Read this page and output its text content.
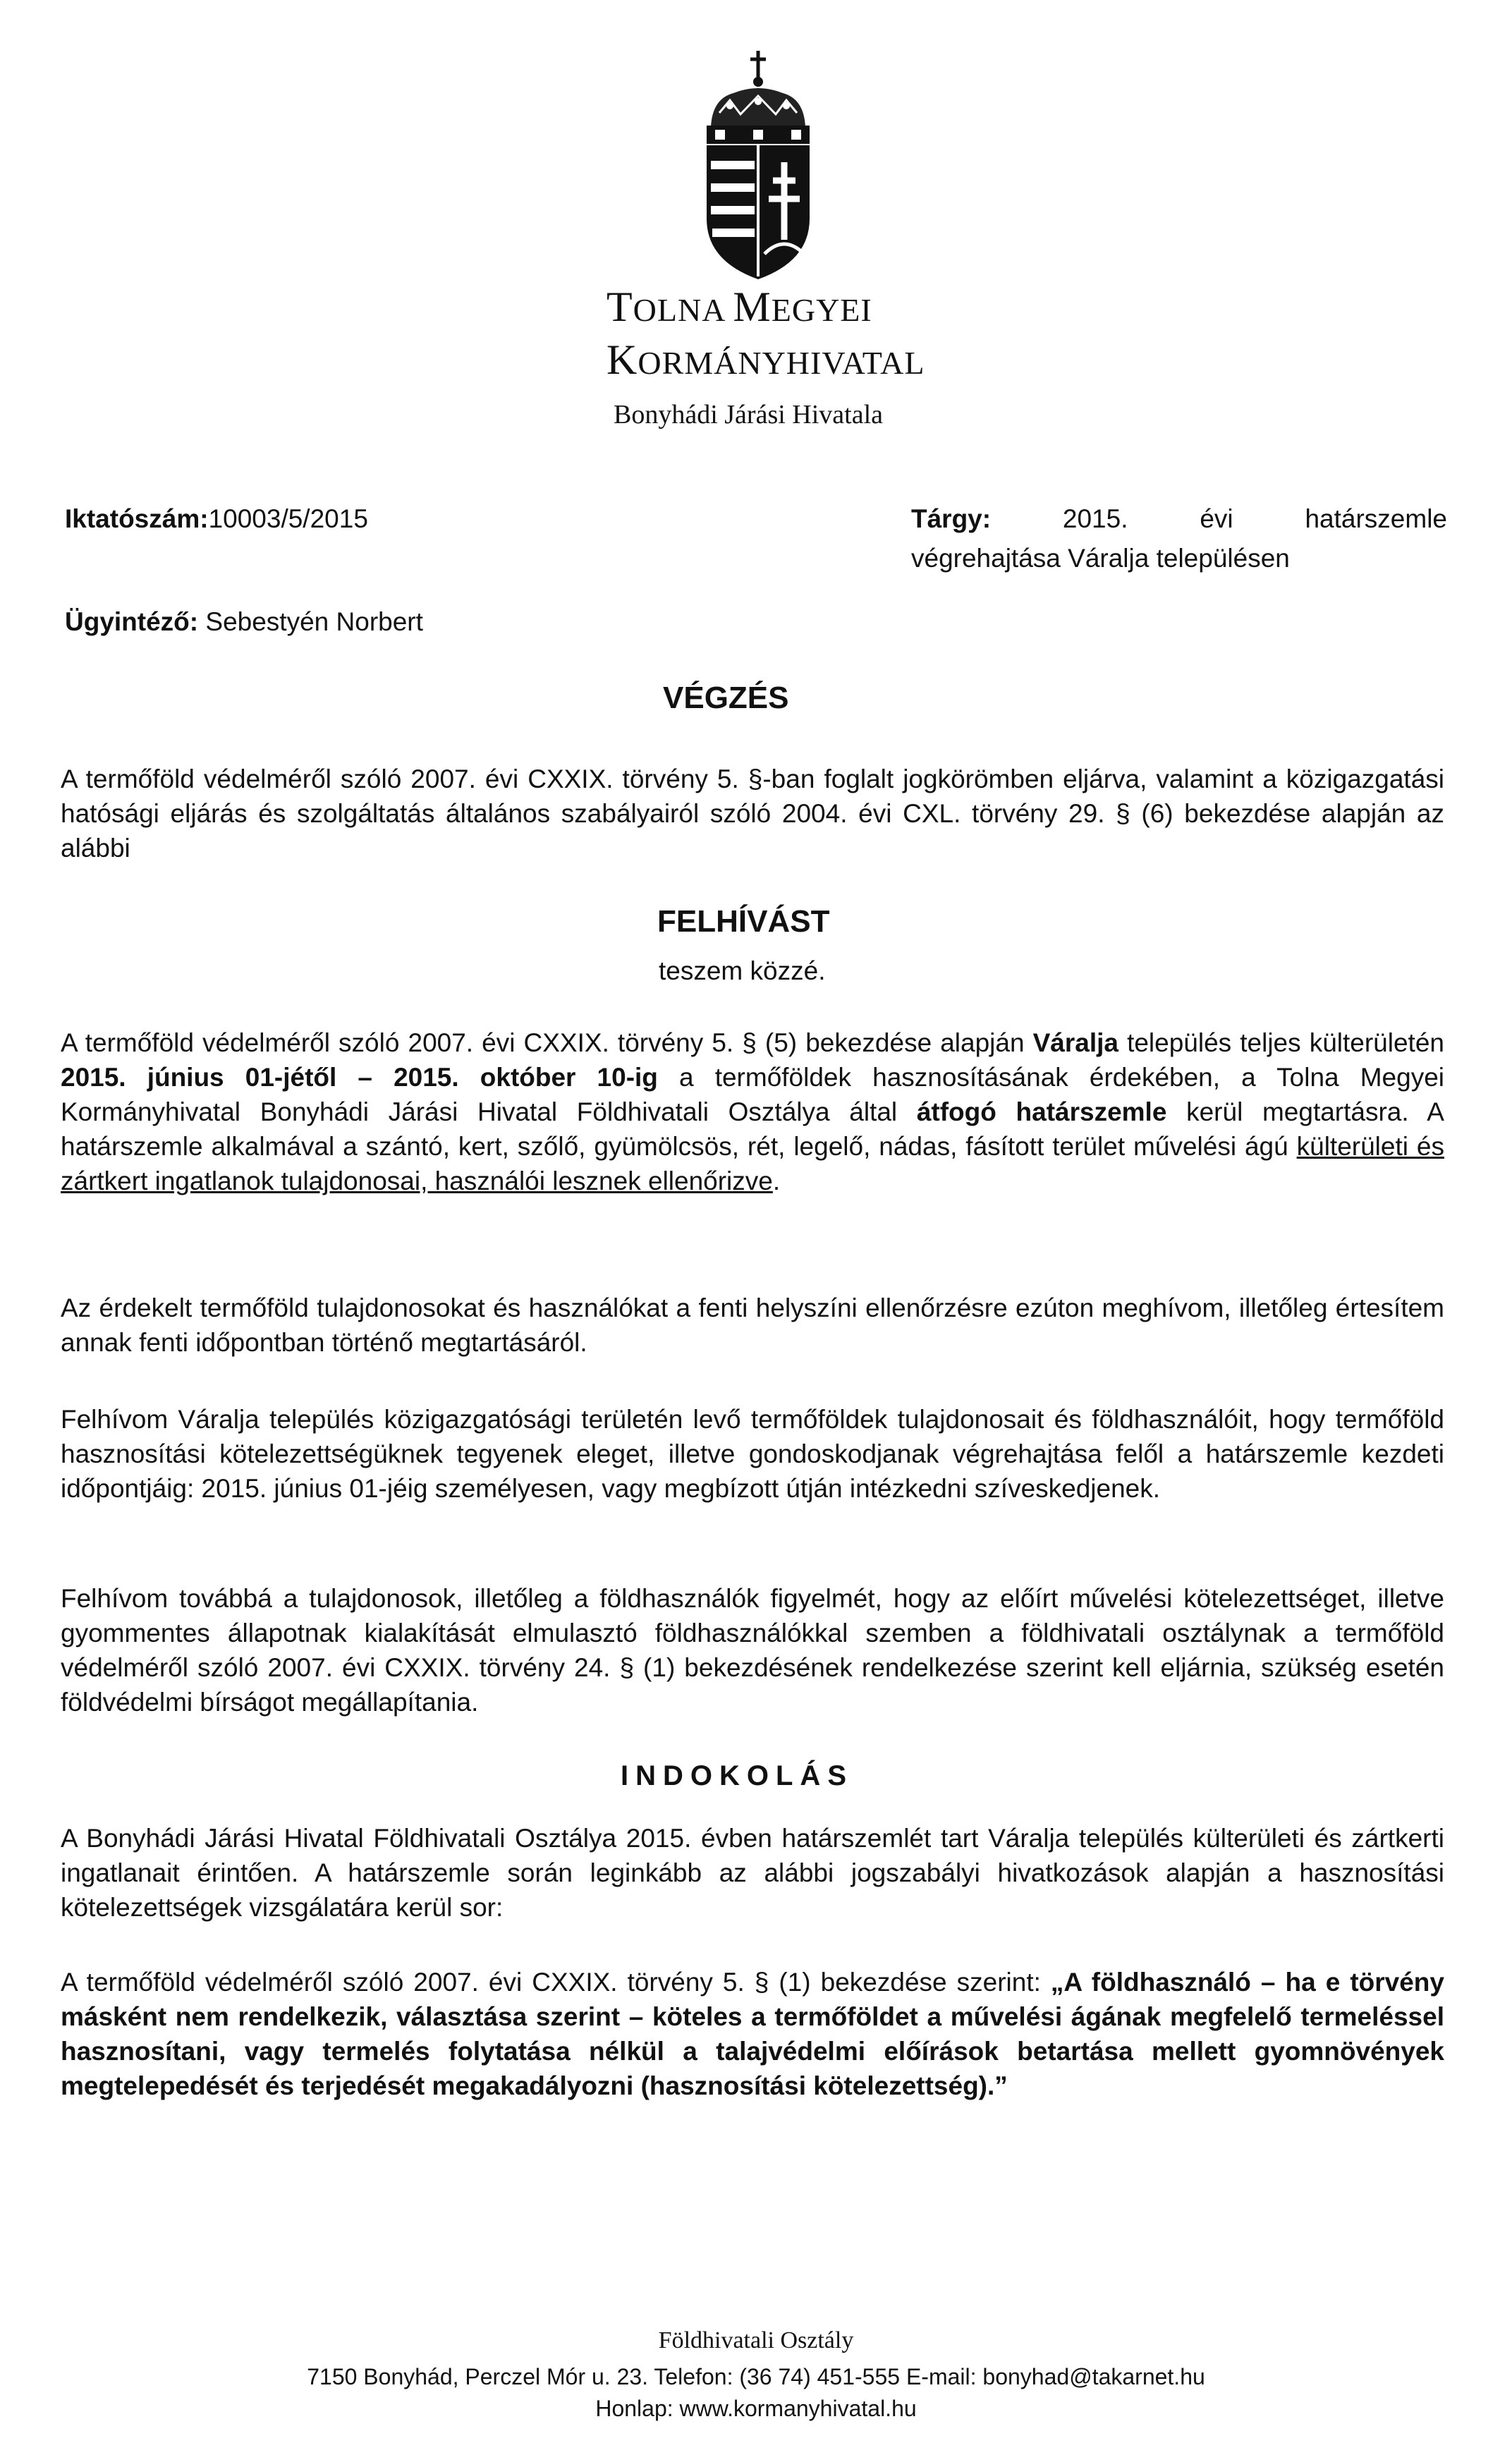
TOLNA MEGYEI
KORMÁNYHIVATAL
Bonyhádi Járási Hivatala
Iktatószám:10003/5/2015
Ügyintéző: Sebestyén Norbert
Tárgy:	2015.	évi	határszemle
végrehajtása Váralja településen
VÉGZÉS
A termőföld védelméről szóló 2007. évi CXXIX. törvény 5. §-ban foglalt jogkörömben eljárva, valamint a közigazgatási hatósági eljárás és szolgáltatás általános szabályairól szóló 2004. évi CXL. törvény 29. § (6) bekezdése alapján az alábbi
FELHÍVÁST
teszem közzé.
A termőföld védelméről szóló 2007. évi CXXIX. törvény 5. § (5) bekezdése alapján Váralja település teljes külterületén 2015. június 01-jétől – 2015. október 10-ig a termőföldek hasznosításának érdekében, a Tolna Megyei Kormányhivatal Bonyhádi Járási Hivatal Földhivatali Osztálya által átfogó határszemle kerül megtartásra. A határszemle alkalmával a szántó, kert, szőlő, gyümölcsös, rét, legelő, nádas, fásított terület művelési ágú külterületi és zártkert ingatlanok tulajdonosai, használói lesznek ellenőrizve.
Az érdekelt termőföld tulajdonosokat és használókat a fenti helyszíni ellenőrzésre ezúton meghívom, illetőleg értesítem annak fenti időpontban történő megtartásáról.
Felhívom Váralja település közigazgatósági területén levő termőföldek tulajdonosait és földhasználóit, hogy termőföld hasznosítási kötelezettségüknek tegyenek eleget, illetve gondoskodjanak végrehajtása felől a határszemle kezdeti időpontjáig: 2015. június 01-jéig személyesen, vagy megbízott útján intézkedni szíveskedjenek.
Felhívom továbbá a tulajdonosok, illetőleg a földhasználók figyelmét, hogy az előírt művelési kötelezettséget, illetve gyommentes állapotnak kialakítását elmulasztó földhasználókkal szemben a földhivatali osztálynak a termőföld védelméről szóló 2007. évi CXXIX. törvény 24. § (1) bekezdésének rendelkezése szerint kell eljárnia, szükség esetén földvédelmi bírságot megállapítania.
INDOKOLÁS
A Bonyhádi Járási Hivatal Földhivatali Osztálya 2015. évben határszemlét tart Váralja település külterületi és zártkerti ingatlanait érintően. A határszemle során leginkább az alábbi jogszabályi hivatkozások alapján a hasznosítási kötelezettségek vizsgálatára kerül sor:
A termőföld védelméről szóló 2007. évi CXXIX. törvény 5. § (1) bekezdése szerint: „A földhasználó – ha e törvény másként nem rendelkezik, választása szerint – köteles a termőföldet a művelési ágának megfelelő termeléssel hasznosítani, vagy termelés folytatása nélkül a talajvédelmi előírások betartása mellett gyomnövények megtelepedését és terjedését megakadályozni (hasznosítási kötelezettség).”
Földhivatali Osztály
7150 Bonyhád, Perczel Mór u. 23. Telefon: (36 74) 451-555 E-mail: bonyhad@takarnet.hu
Honlap: www.kormanyhivatal.hu
